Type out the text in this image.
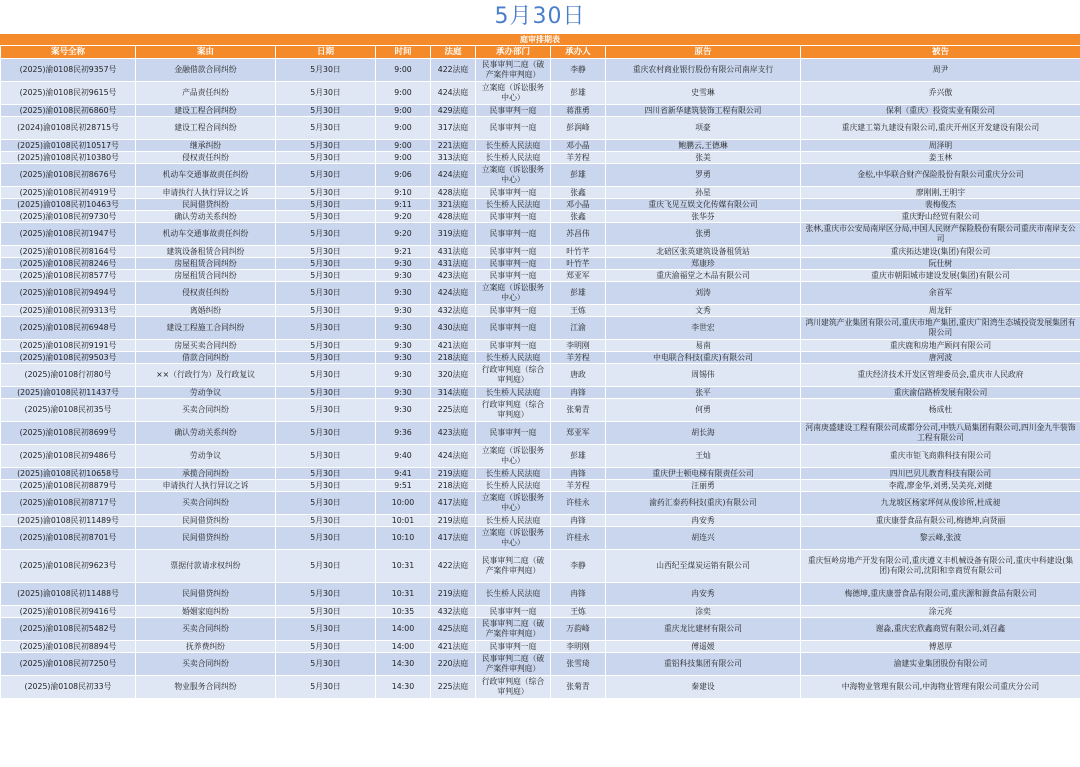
5月30日
庭审排期表
案号全称	案由	日期	时间	法庭	承办部门	承办人	原告	被告
(2025)渝0108民初9357号	金融借款合同纠纷	5月30日	9:00	422法庭	民事审判二庭（破产案件审判庭）	李静	重庆农村商业银行股份有限公司南岸支行	周尹
(2025)渝0108民初9615号	产品责任纠纷	5月30日	9:00	424法庭	立案庭（诉讼服务中心）	彭雄	史雪琳	乔兴傲
(2025)渝0108民初6860号	建设工程合同纠纷	5月30日	9:00	429法庭	民事审判一庭	蒋淮勇	四川省新华建筑装饰工程有限公司	保利（重庆）投资实业有限公司
(2024)渝0108民初28715号	建设工程合同纠纷	5月30日	9:00	317法庭	民事审判一庭	彭润峰	项豪	重庆建工第九建设有限公司,重庆开州区开发建设有限公司
(2025)渝0108民初10517号	继承纠纷	5月30日	9:00	221法庭	长生桥人民法庭	邓小晶	鲍鹏云,王德琳	周泽明
(2025)渝0108民初10380号	侵权责任纠纷	5月30日	9:00	313法庭	长生桥人民法庭	羊芳程	张美	姜玉林
(2025)渝0108民初8676号	机动车交通事故责任纠纷	5月30日	9:06	424法庭	立案庭（诉讼服务中心）	彭雄	罗勇	金松,中华联合财产保险股份有限公司重庆分公司
(2025)渝0108民初4919号	申请执行人执行异议之诉	5月30日	9:10	428法庭	民事审判一庭	张鑫	孙星	廖刚刚,王明宇
(2025)渝0108民初10463号	民间借贷纠纷	5月30日	9:11	321法庭	长生桥人民法庭	邓小晶	重庆飞见互娱文化传媒有限公司	裴梅俊杰
(2025)渝0108民初9730号	确认劳动关系纠纷	5月30日	9:20	428法庭	民事审判一庭	张鑫	张华芬	重庆野山经贸有限公司
(2025)渝0108民初1947号	机动车交通事故责任纠纷	5月30日	9:20	319法庭	民事审判一庭	苏昌伟	张勇	张林,重庆市公安局南岸区分局,中国人民财产保险股份有限公司重庆市南岸支公司
(2025)渝0108民初8164号	建筑设备租赁合同纠纷	5月30日	9:21	431法庭	民事审判一庭	叶竹芊	北碚区张英建筑设备租赁站	重庆拓达建设(集团)有限公司
(2025)渝0108民初8246号	房屋租赁合同纠纷	5月30日	9:30	431法庭	民事审判一庭	叶竹芊	郑康珍	阮仕树
(2025)渝0108民初8577号	房屋租赁合同纠纷	5月30日	9:30	423法庭	民事审判一庭	郑亚军	重庆渝福堂之木品有限公司	重庆市朝阳城市建设发展(集团)有限公司
(2025)渝0108民初9494号	侵权责任纠纷	5月30日	9:30	424法庭	立案庭（诉讼服务中心）	彭雄	刘涛	余首军
(2025)渝0108民初9313号	离婚纠纷	5月30日	9:30	432法庭	民事审判一庭	王炼	文秀	周龙轩
(2025)渝0108民初6948号	建设工程施工合同纠纷	5月30日	9:30	430法庭	民事审判一庭	江渝	李世宏	鸿川建筑产业集团有限公司,重庆市地产集团,重庆广阳湾生态城投资发展集团有限公司
(2025)渝0108民初9191号	房屋买卖合同纠纷	5月30日	9:30	421法庭	民事审判一庭	李明刚	易南	重庆鹿和房地产顾问有限公司
(2025)渝0108民初9503号	借款合同纠纷	5月30日	9:30	218法庭	长生桥人民法庭	羊芳程	中电联合科技(重庆)有限公司	唐河波
(2025)渝0108行初80号	××（行政行为）及行政复议	5月30日	9:30	320法庭	行政审判庭（综合审判庭）	唐政	周锡伟	重庆经济技术开发区管理委员会,重庆市人民政府
(2025)渝0108民初11437号	劳动争议	5月30日	9:30	314法庭	长生桥人民法庭	冉锋	张平	重庆渝信路桥发展有限公司
(2025)渝0108民初35号	买卖合同纠纷	5月30日	9:30	225法庭	行政审判庭（综合审判庭）	张菊青	何勇	杨成杜
(2025)渝0108民初8699号	确认劳动关系纠纷	5月30日	9:36	423法庭	民事审判一庭	郑亚军	胡长海	河南庚盛建设工程有限公司成都分公司,中铁八局集团有限公司,四川金九牛装饰工程有限公司
(2025)渝0108民初9486号	劳动争议	5月30日	9:40	424法庭	立案庭（诉讼服务中心）	彭雄	王灿	重庆市钜飞商鼎科技有限公司
(2025)渝0108民初10658号	承揽合同纠纷	5月30日	9:41	219法庭	长生桥人民法庭	冉锋	重庆伊士顿电梯有限责任公司	四川巴贝儿教育科技有限公司
(2025)渝0108民初8879号	申请执行人执行异议之诉	5月30日	9:51	218法庭	长生桥人民法庭	羊芳程	汪丽勇	李霞,廖金华,刘勇,吴美亮,刘健
(2025)渝0108民初8717号	买卖合同纠纷	5月30日	10:00	417法庭	立案庭（诉讼服务中心）	许桂永	渝药汇泰药科技(重庆)有限公司	九龙坡区杨家坪何从俊诊所,杜成昶
(2025)渝0108民初11489号	民间借贷纠纷	5月30日	10:01	219法庭	长生桥人民法庭	冉锋	冉安秀	重庆康誉食品有限公司,梅德坤,向贤丽
(2025)渝0108民初8701号	民间借贷纠纷	5月30日	10:10	417法庭	立案庭（诉讼服务中心）	许桂永	胡连兴	黎云峰,张波
(2025)渝0108民初9623号	票据付款请求权纠纷	5月30日	10:31	422法庭	民事审判二庭（破产案件审判庭）	李静	山西纪至煤炭运销有限公司	重庆恒岭房地产开发有限公司,重庆遵义丰机械设备有限公司,重庆中科建设(集团)有限公司,沈阳和幸商贸有限公司
(2025)渝0108民初11488号	民间借贷纠纷	5月30日	10:31	219法庭	长生桥人民法庭	冉锋	冉安秀	梅德坤,重庆康誉食品有限公司,重庆源和源食品有限公司
(2025)渝0108民初9416号	婚姻家庭纠纷	5月30日	10:35	432法庭	民事审判一庭	王炼	涂奕	涂元亮
(2025)渝0108民初5482号	买卖合同纠纷	5月30日	14:00	425法庭	民事审判二庭（破产案件审判庭）	万韵峰	重庆龙比建材有限公司	谢淼,重庆宏欣鑫商贸有限公司,刘召鑫
(2025)渝0108民初8894号	抚养费纠纷	5月30日	14:00	421法庭	民事审判一庭	李明刚	傅遥媛	傅恩厚
(2025)渝0108民初7250号	买卖合同纠纷	5月30日	14:30	220法庭	民事审判二庭（破产案件审判庭）	张雪琦	重铝科技集团有限公司	渝建实业集团股份有限公司
(2025)渝0108民初33号	物业服务合同纠纷	5月30日	14:30	225法庭	行政审判庭（综合审判庭）	张菊青	秦建设	中海物业管理有限公司,中海物业管理有限公司重庆分公司
